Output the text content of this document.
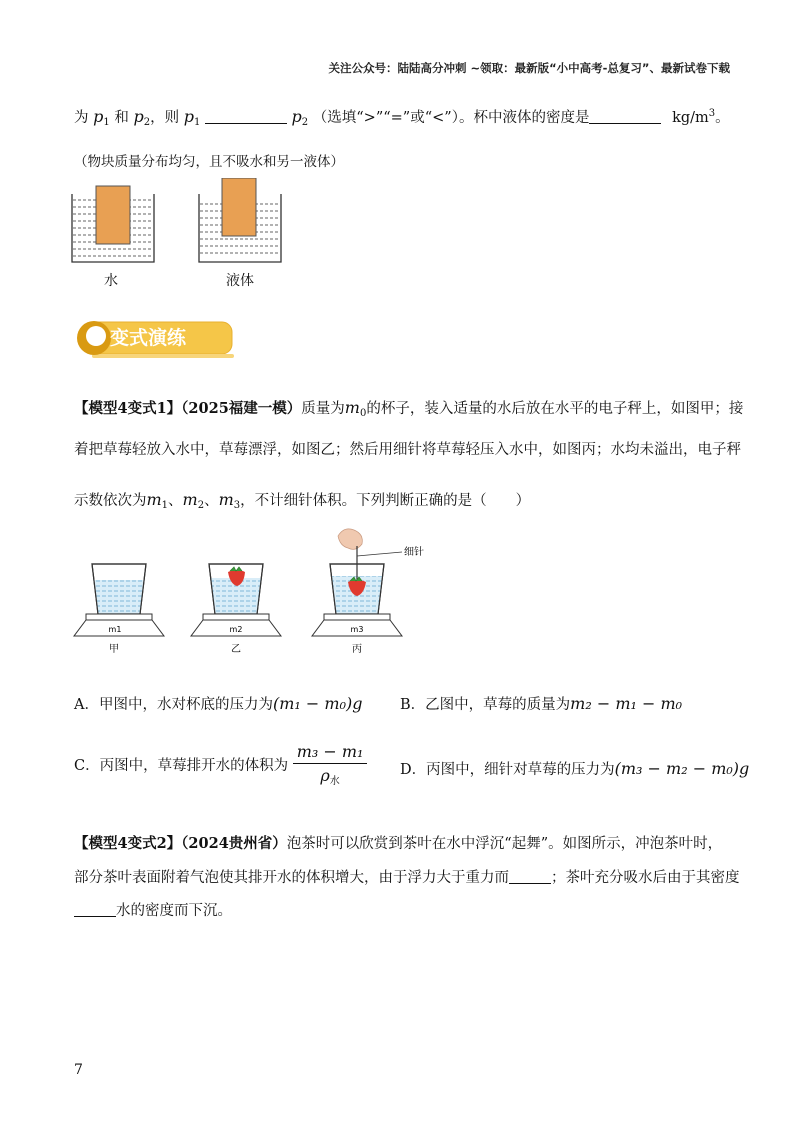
关注公众号：陆陆高分冲刺 ~领取：最新版“小中高考-总复习”、最新试卷下载
为 $p_1$ 和 $p_2$，则 $p_1$	$p_2$ （选填“>”“=”或“<”）。杯中液体的密度是	$kg/m^3$。
（物块质量分布均匀，且不吸水和另一液体）
水	液体
变式演练
【模型4变式1】（2025福建一模）质量为$m_0$的杯子，装入适量的水后放在水平的电子秤上，如图甲；接
着把草莓轻放入水中，草莓漂浮，如图乙；然后用细针将草莓轻压入水中，如图丙；水均未溢出，电子秤
示数依次为$m_1$、$m_2$、$m_3$，不计细针体积。下列判断正确的是（　　）
m1
甲
m2
乙
细针
m3
丙
A．甲图中，水对杯底的压力为(m₁ − m₀)g	B．乙图中，草莓的质量为m₂ − m₁ − m₀
C．丙图中，草莓排开水的体积为 $\frac{\text{m₃ − m₁}}{\rho_水}$ D．丙图中，细针对草莓的压力为(m₃ − m₂ − m₀)g
【模型4变式2】（2024贵州省）泡茶时可以欣赏到茶叶在水中浮沉“起舞”。如图所示，冲泡茶叶时，
部分茶叶表面附着气泡使其排开水的体积增大，由于浮力大于重力而	；茶叶充分吸水后由于其密度
水的密度而下沉。
7
